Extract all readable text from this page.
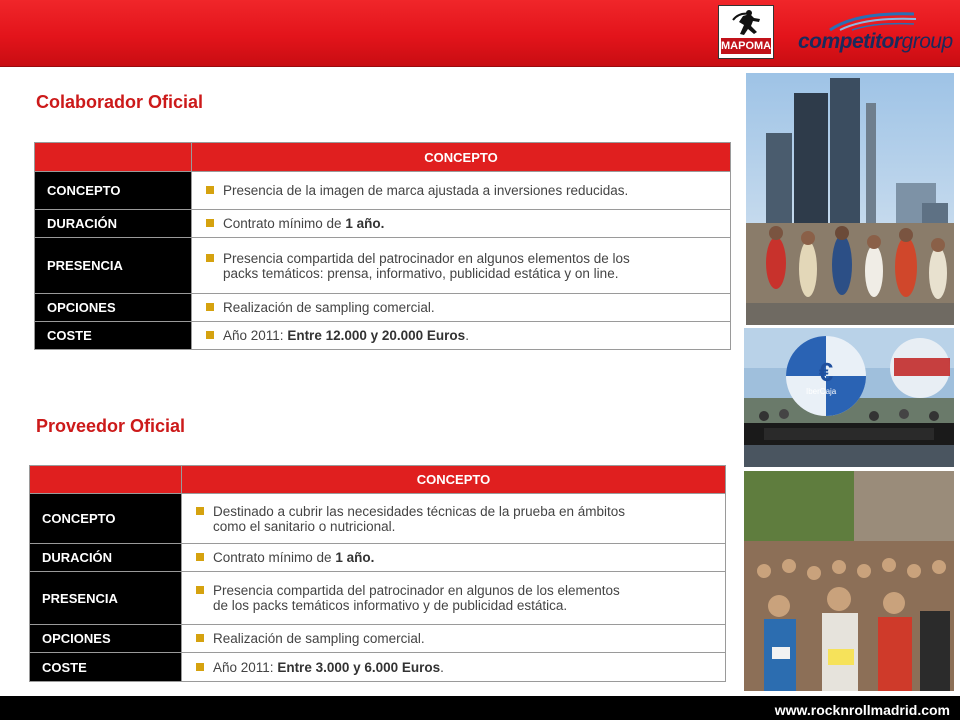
MAPOMA competitorgroup
Colaborador Oficial
	CONCEPTO
CONCEPTO	Presencia de la imagen de marca ajustada a inversiones reducidas.
DURACIÓN	Contrato mínimo de 1 año.
PRESENCIA	Presencia compartida del patrocinador en algunos elementos de los
packs temáticos: prensa, informativo, publicidad estática y on line.

OPCIONES	Realización de sampling comercial.
COSTE	Año 2011: Entre 12.000 y 20.000 Euros.
Proveedor Oficial
	CONCEPTO
CONCEPTO	Destinado a cubrir las necesidades técnicas de la prueba en ámbitos
como el sanitario o nutricional.

DURACIÓN	Contrato mínimo de 1 año.
PRESENCIA	Presencia compartida del patrocinador en algunos de los elementos
de los packs temáticos informativo y de publicidad estática.

OPCIONES	Realización de sampling comercial.
COSTE	Año 2011: Entre 3.000 y 6.000 Euros.
€
IberCaja
www.rocknrollmadrid.com
